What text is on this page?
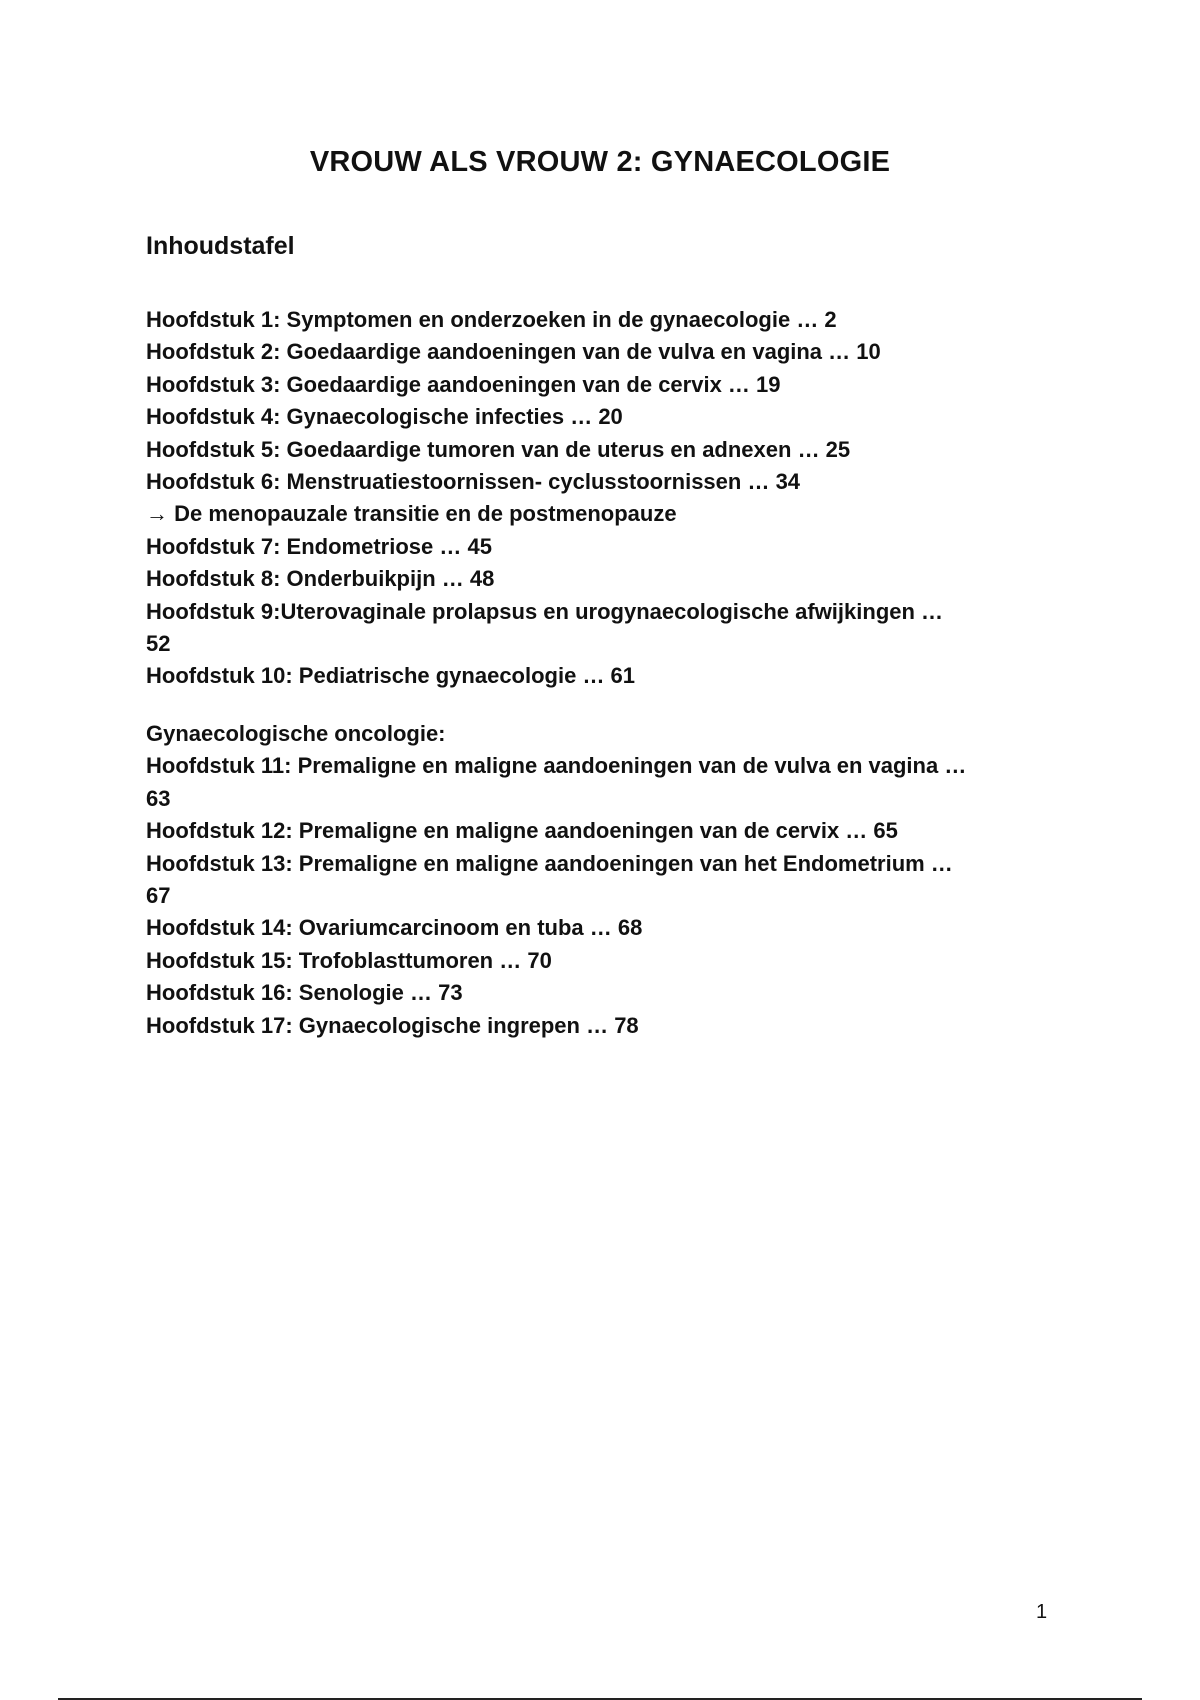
VROUW ALS VROUW 2: GYNAECOLOGIE
Inhoudstafel
Hoofdstuk 1: Symptomen en onderzoeken in de gynaecologie … 2
Hoofdstuk 2: Goedaardige aandoeningen van de vulva en vagina … 10
Hoofdstuk 3: Goedaardige aandoeningen van de cervix … 19
Hoofdstuk 4: Gynaecologische infecties … 20
Hoofdstuk 5: Goedaardige tumoren van de uterus en adnexen … 25
Hoofdstuk 6: Menstruatiestoornissen- cyclusstoornissen … 34
→ De menopauzale transitie en de postmenopauze
Hoofdstuk 7: Endometriose … 45
Hoofdstuk 8: Onderbuikpijn … 48
Hoofdstuk 9:Uterovaginale prolapsus en urogynaecologische afwijkingen …
52
Hoofdstuk 10: Pediatrische gynaecologie … 61
Gynaecologische oncologie:
Hoofdstuk 11: Premaligne en maligne aandoeningen van de vulva en vagina …
63
Hoofdstuk 12: Premaligne en maligne aandoeningen van de cervix … 65
Hoofdstuk 13: Premaligne en maligne aandoeningen van het Endometrium …
67
Hoofdstuk 14: Ovariumcarcinoom en tuba … 68
Hoofdstuk 15: Trofoblasttumoren … 70
Hoofdstuk 16: Senologie … 73
Hoofdstuk 17: Gynaecologische ingrepen … 78
1
